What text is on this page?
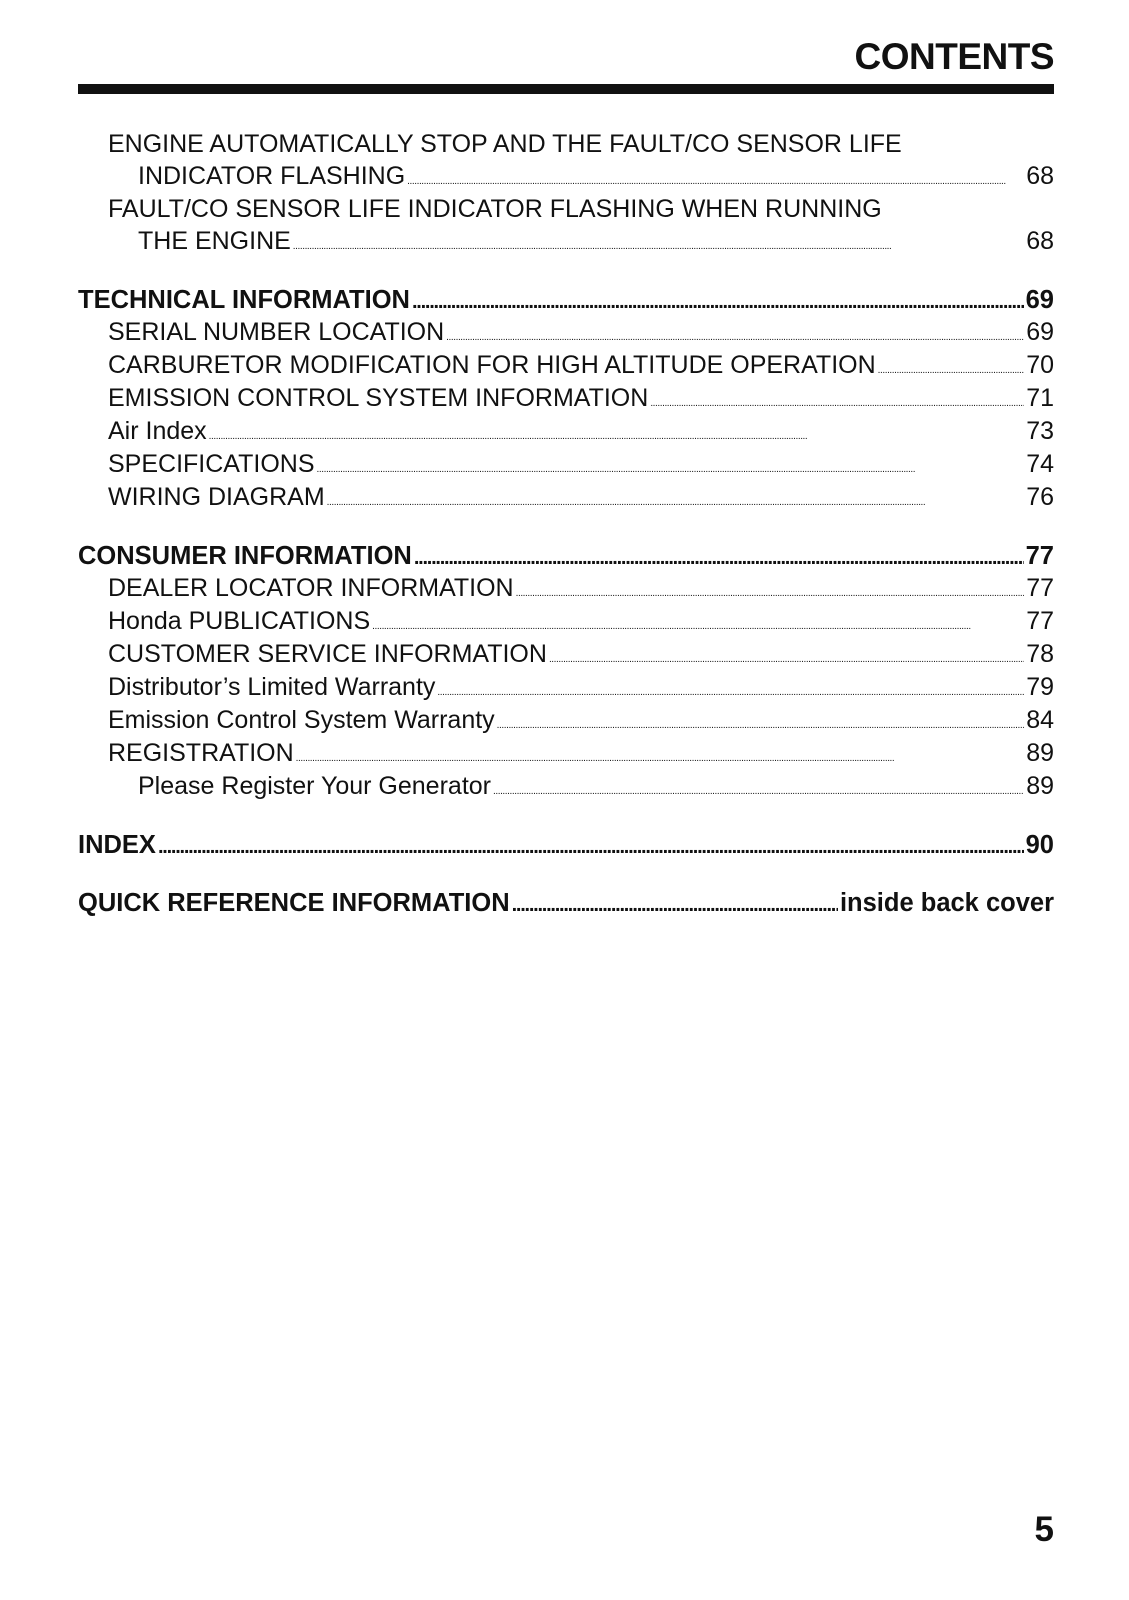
CONTENTS
ENGINE AUTOMATICALLY STOP AND THE FAULT/CO SENSOR LIFE
INDICATOR FLASHING . . .	68
FAULT/CO SENSOR LIFE INDICATOR FLASHING WHEN RUNNING
THE ENGINE . . .	68
TECHNICAL INFORMATION . . .	69
SERIAL NUMBER LOCATION . . .	69
CARBURETOR MODIFICATION FOR HIGH ALTITUDE OPERATION . . .	70
EMISSION CONTROL SYSTEM INFORMATION . . .	71
Air Index . . .	73
SPECIFICATIONS . . .	74
WIRING DIAGRAM . . .	76
CONSUMER INFORMATION . . .	77
DEALER LOCATOR INFORMATION . . .	77
Honda PUBLICATIONS . . .	77
CUSTOMER SERVICE INFORMATION . . .	78
Distributor’s Limited Warranty . . .	79
Emission Control System Warranty . . .	84
REGISTRATION . . .	89
Please Register Your Generator . . .	89
INDEX . . .	90
QUICK REFERENCE INFORMATION . . .	inside back cover
5
